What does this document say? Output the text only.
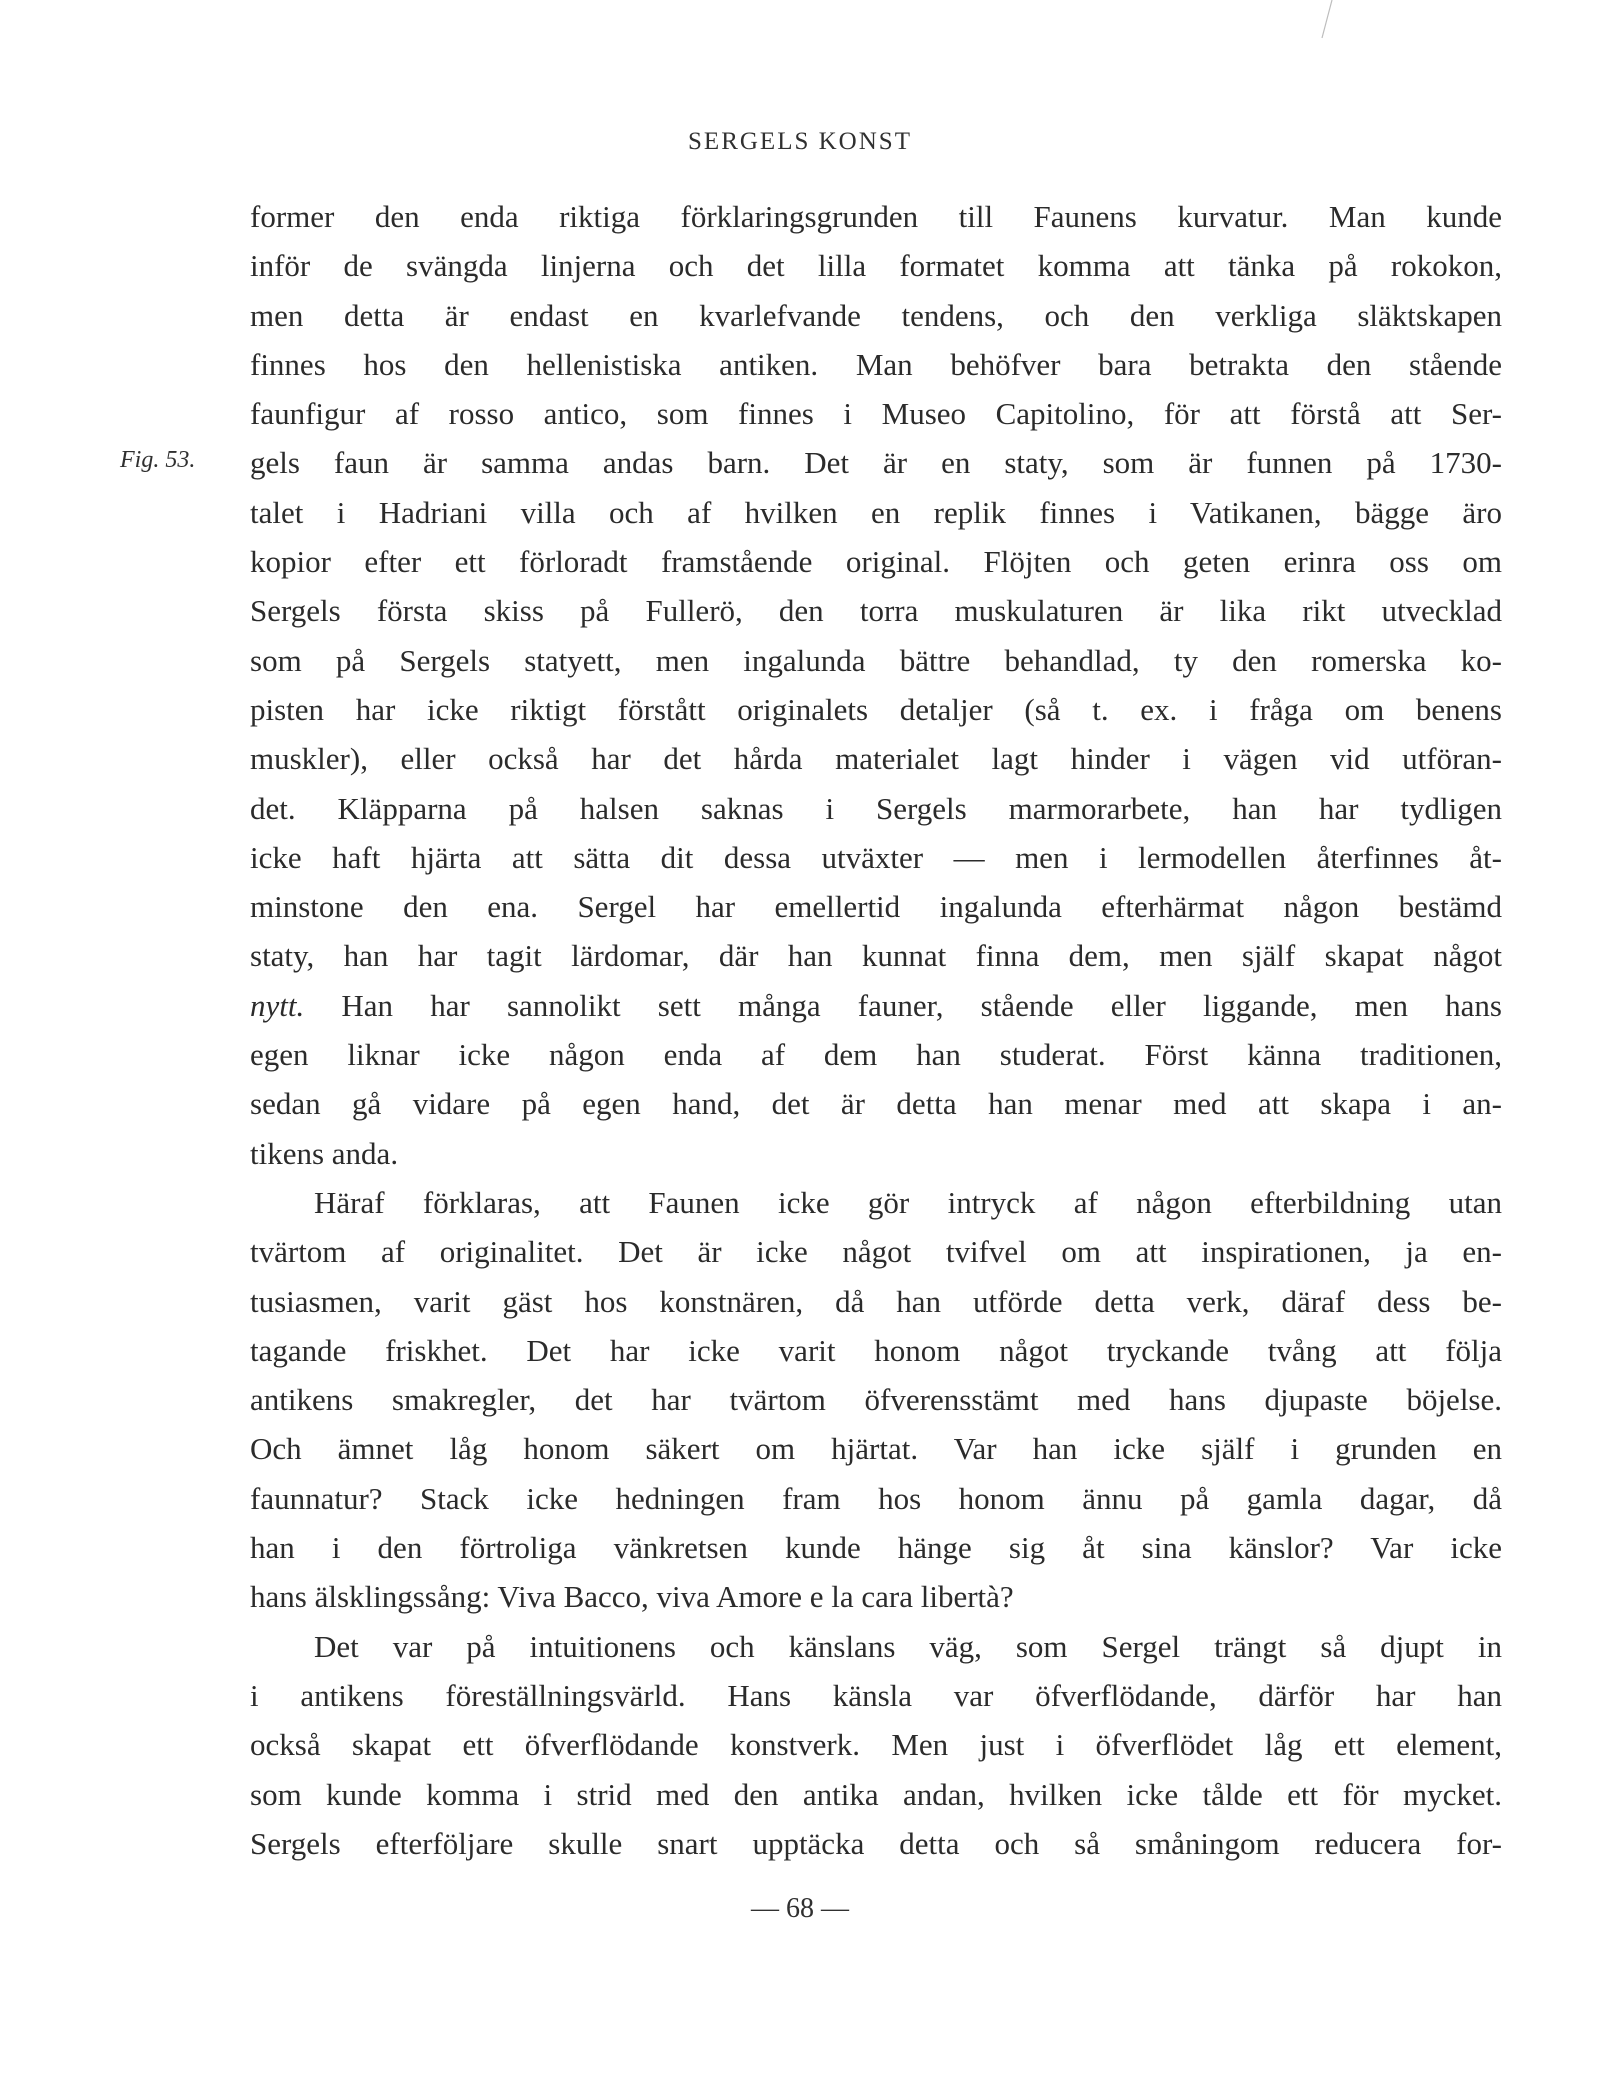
SERGELS KONST
Fig. 53.
former den enda riktiga förklaringsgrunden till Faunens kurvatur. Man kunde
inför de svängda linjerna och det lilla formatet komma att tänka på rokokon,
men detta är endast en kvarlefvande tendens, och den verkliga släktskapen
finnes hos den hellenistiska antiken. Man behöfver bara betrakta den stående
faunfigur af rosso antico, som finnes i Museo Capitolino, för att förstå att Ser-
gels faun är samma andas barn. Det är en staty, som är funnen på 1730-
talet i Hadriani villa och af hvilken en replik finnes i Vatikanen, bägge äro
kopior efter ett förloradt framstående original. Flöjten och geten erinra oss om
Sergels första skiss på Fullerö, den torra muskulaturen är lika rikt utvecklad
som på Sergels statyett, men ingalunda bättre behandlad, ty den romerska ko-
pisten har icke riktigt förstått originalets detaljer (så t. ex. i fråga om benens
muskler), eller också har det hårda materialet lagt hinder i vägen vid utföran-
det. Kläpparna på halsen saknas i Sergels marmorarbete, han har tydligen
icke haft hjärta att sätta dit dessa utväxter — men i lermodellen återfinnes åt-
minstone den ena. Sergel har emellertid ingalunda efterhärmat någon bestämd
staty, han har tagit lärdomar, där han kunnat finna dem, men själf skapat något
nytt. Han har sannolikt sett många fauner, stående eller liggande, men hans
egen liknar icke någon enda af dem han studerat. Först känna traditionen,
sedan gå vidare på egen hand, det är detta han menar med att skapa i an-
tikens anda.
Häraf förklaras, att Faunen icke gör intryck af någon efterbildning utan
tvärtom af originalitet. Det är icke något tvifvel om att inspirationen, ja en-
tusiasmen, varit gäst hos konstnären, då han utförde detta verk, däraf dess be-
tagande friskhet. Det har icke varit honom något tryckande tvång att följa
antikens smakregler, det har tvärtom öfverensstämt med hans djupaste böjelse.
Och ämnet låg honom säkert om hjärtat. Var han icke själf i grunden en
faunnatur? Stack icke hedningen fram hos honom ännu på gamla dagar, då
han i den förtroliga vänkretsen kunde hänge sig åt sina känslor? Var icke
hans älsklingssång: Viva Bacco, viva Amore e la cara libertà?
Det var på intuitionens och känslans väg, som Sergel trängt så djupt in
i antikens föreställningsvärld. Hans känsla var öfverflödande, därför har han
också skapat ett öfverflödande konstverk. Men just i öfverflödet låg ett element,
som kunde komma i strid med den antika andan, hvilken icke tålde ett för mycket.
Sergels efterföljare skulle snart upptäcka detta och så småningom reducera for-
— 68 —
